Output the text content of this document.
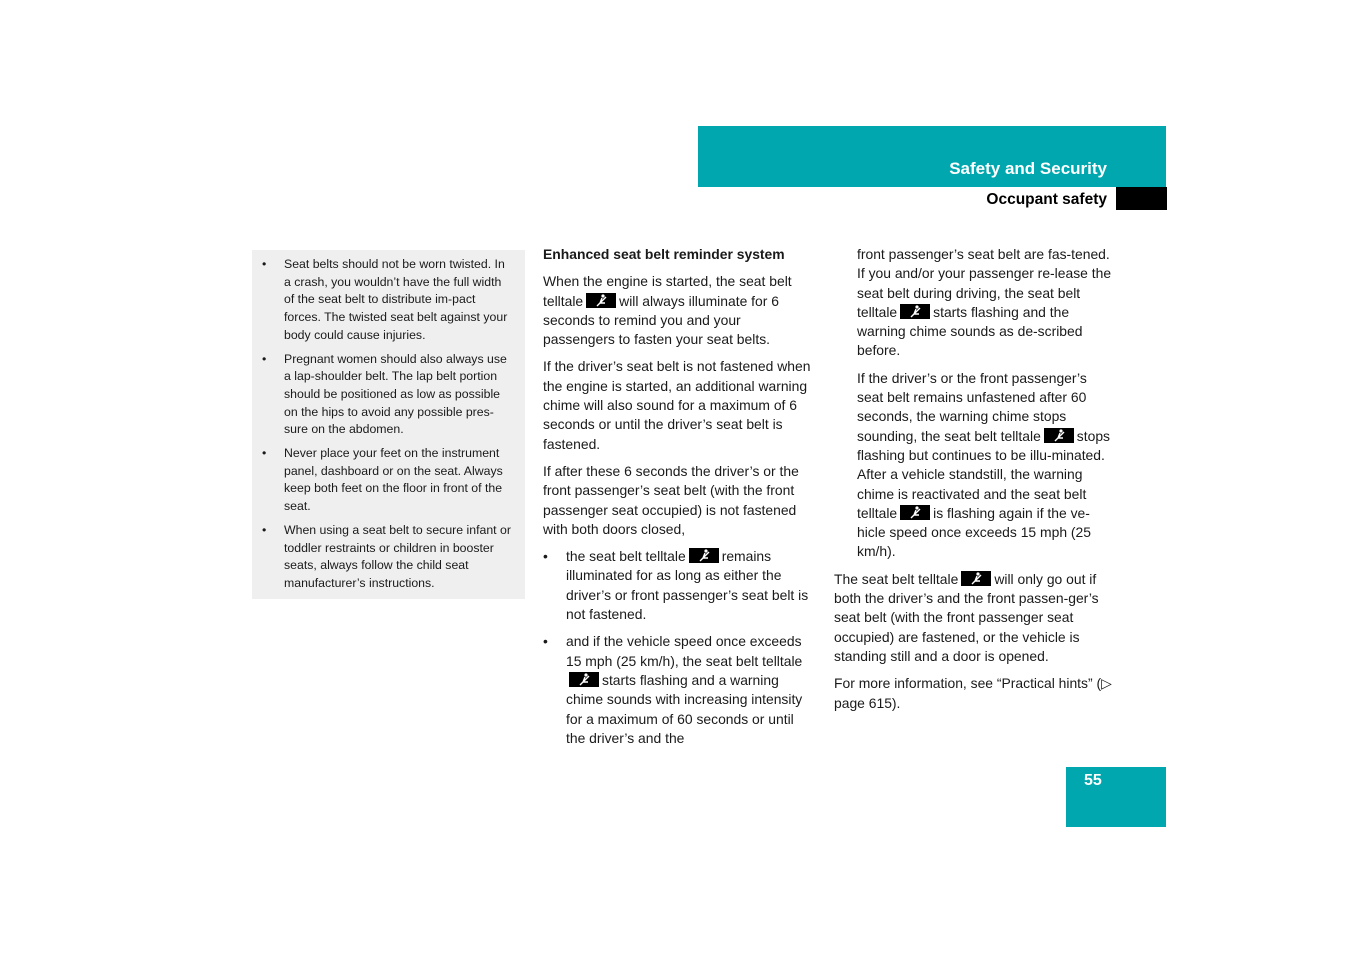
Safety and Security
Occupant safety
• Seat belts should not be worn twisted. In a crash, you wouldn’t have the full width of the seat belt to distribute im-pact forces. The twisted seat belt against your body could cause injuries.
• Pregnant women should also always use a lap-shoulder belt. The lap belt portion should be positioned as low as possible on the hips to avoid any possible pres-sure on the abdomen.
• Never place your feet on the instrument panel, dashboard or on the seat. Always keep both feet on the floor in front of the seat.
• When using a seat belt to secure infant or toddler restraints or children in booster seats, always follow the child seat manufacturer’s instructions.
Enhanced seat belt reminder system

When the engine is started, the seat belt telltale	will always illuminate for 6 seconds to remind you and your passengers to fasten your seat belts.

If the driver’s seat belt is not fastened when the engine is started, an additional warning chime will also sound for a maximum of 6 seconds or until the driver’s seat belt is fastened.

If after these 6 seconds the driver’s or the front passenger’s seat belt (with the front passenger seat occupied) is not fastened with both doors closed,

• the seat belt telltale	remains illuminated for as long as either the driver’s or front passenger’s seat belt is not fastened.
• and if the vehicle speed once exceeds 15 mph (25 km/h), the seat belt telltale
starts flashing and a warning chime sounds with increasing intensity for a maximum of 60 seconds or until the driver’s and the

front passenger’s seat belt are fas-tened. If you and/or your passenger re-lease the seat belt during driving, the seat belt telltale	starts flashing and the warning chime sounds as de-scribed before.

If the driver’s or the front passenger’s seat belt remains unfastened after 60 seconds, the warning chime stops sounding, the seat belt telltale	stops flashing but continues to be illu-minated.

After a vehicle standstill, the warning chime is reactivated and the seat belt telltale	is flashing again if the ve-hicle speed once exceeds 15 mph (25 km/h).

The seat belt telltale	will only go out if both the driver’s and the front passen-ger’s seat belt (with the front passenger seat occupied) are fastened, or the vehicle is standing still and a door is opened.

For more information, see “Practical hints” (▷ page 615).

55
